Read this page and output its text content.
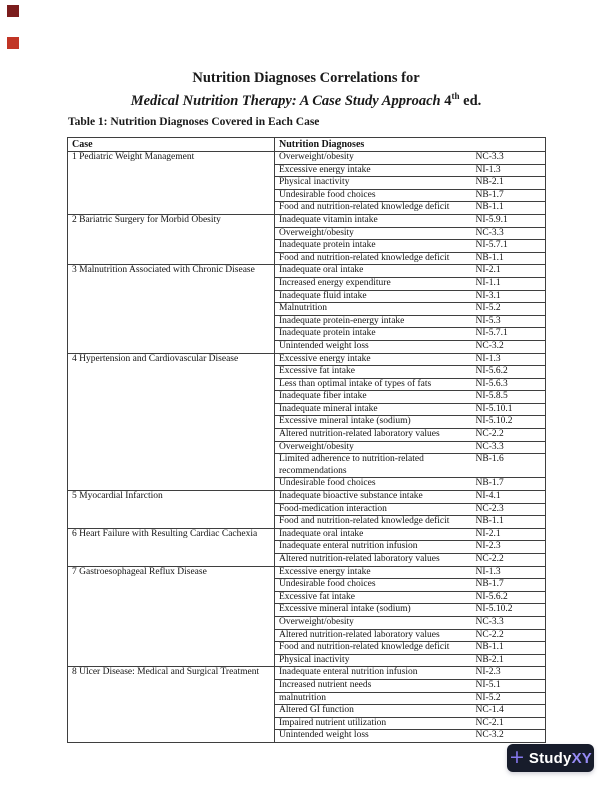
Nutrition Diagnoses Correlations for
Medical Nutrition Therapy: A Case Study Approach 4th ed.
Table 1: Nutrition Diagnoses Covered in Each Case
Case	Nutrition Diagnoses	
1 Pediatric Weight Management	Overweight/obesity	NC-3.3
	Excessive energy intake	NI-1.3
	Physical inactivity	NB-2.1
	Undesirable food choices	NB-1.7
	Food and nutrition-related knowledge deficit	NB-1.1
2 Bariatric Surgery for Morbid Obesity	Inadequate vitamin intake	NI-5.9.1
	Overweight/obesity	NC-3.3
	Inadequate protein intake	NI-5.7.1
	Food and nutrition-related knowledge deficit	NB-1.1
3 Malnutrition Associated with Chronic Disease	Inadequate oral intake	NI-2.1
	Increased energy expenditure	NI-1.1
	Inadequate fluid intake	NI-3.1
	Malnutrition	NI-5.2
	Inadequate protein-energy intake	NI-5.3
	Inadequate protein intake	NI-5.7.1
	Unintended weight loss	NC-3.2
4 Hypertension and Cardiovascular Disease	Excessive energy intake	NI-1.3
	Excessive fat intake	NI-5.6.2
	Less than optimal intake of types of fats	NI-5.6.3
	Inadequate fiber intake	NI-5.8.5
	Inadequate mineral intake	NI-5.10.1
	Excessive mineral intake (sodium)	NI-5.10.2
	Altered nutrition-related laboratory values	NC-2.2
	Overweight/obesity	NC-3.3
	Limited adherence to nutrition-related recommendations	NB-1.6
	Undesirable food choices	NB-1.7
5 Myocardial Infarction	Inadequate bioactive substance intake	NI-4.1
	Food-medication interaction	NC-2.3
	Food and nutrition-related knowledge deficit	NB-1.1
6 Heart Failure with Resulting Cardiac Cachexia	Inadequate oral intake	NI-2.1
	Inadequate enteral nutrition infusion	NI-2.3
	Altered nutrition-related laboratory values	NC-2.2
7 Gastroesophageal Reflux Disease	Excessive energy intake	NI-1.3
	Undesirable food choices	NB-1.7
	Excessive fat intake	NI-5.6.2
	Excessive mineral intake (sodium)	NI-5.10.2
	Overweight/obesity	NC-3.3
	Altered nutrition-related laboratory values	NC-2.2
	Food and nutrition-related knowledge deficit	NB-1.1
	Physical inactivity	NB-2.1
8 Ulcer Disease: Medical and Surgical Treatment	Inadequate enteral nutrition infusion	NI-2.3
	Increased nutrient needs	NI-5.1
	malnutrition	NI-5.2
	Altered GI function	NC-1.4
	Impaired nutrient utilization	NC-2.1
	Unintended weight loss	NC-3.2
+ StudyXY
